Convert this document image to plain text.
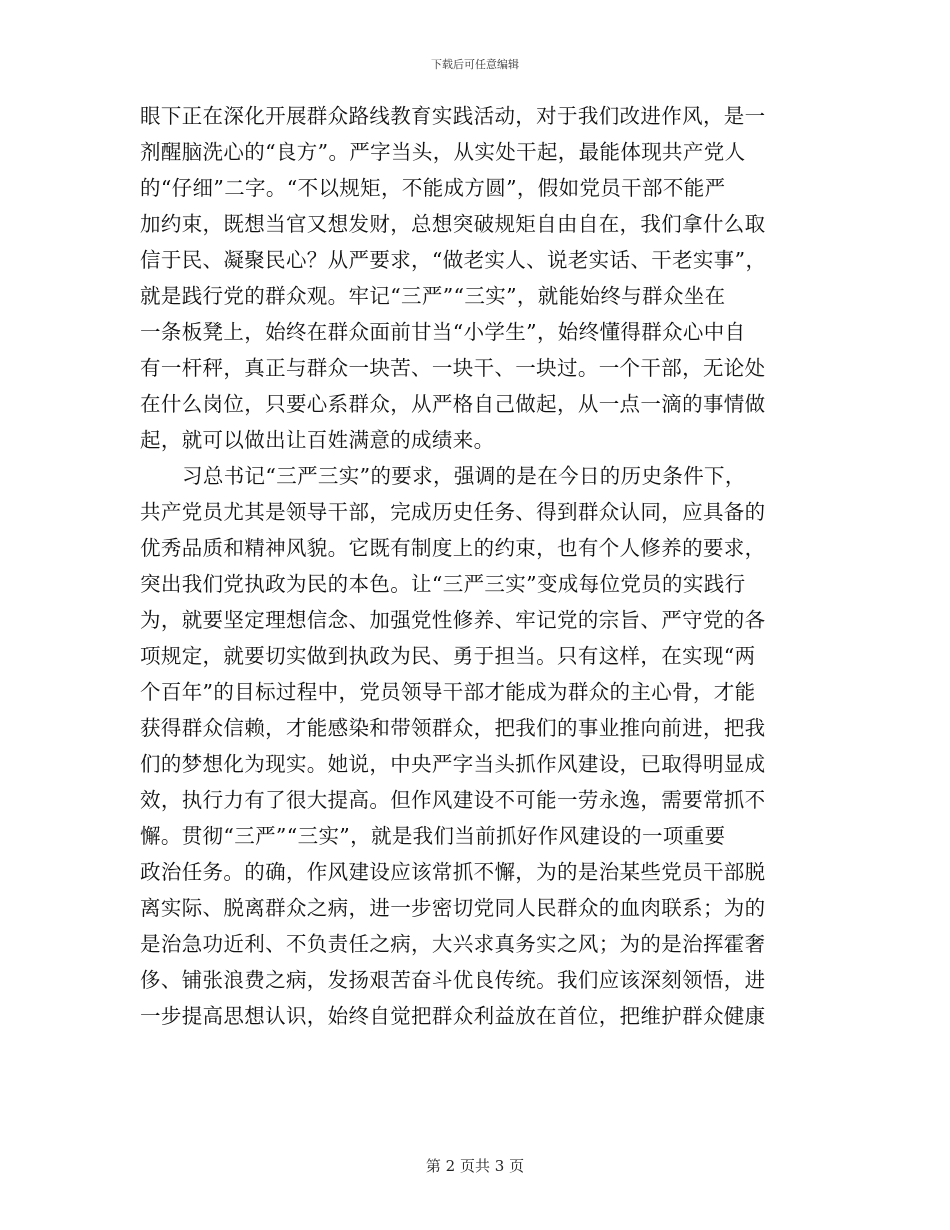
下载后可任意编辑
眼下正在深化开展群众路线教育实践活动，对于我们改进作风，是一
剂醒脑洗心的“良方”。严字当头，从实处干起，最能体现共产党人
的“仔细”二字。“不以规矩，不能成方圆”，假如党员干部不能严
加约束，既想当官又想发财，总想突破规矩自由自在，我们拿什么取
信于民、凝聚民心？从严要求，“做老实人、说老实话、干老实事”，
就是践行党的群众观。牢记“三严”“三实”，就能始终与群众坐在
一条板凳上，始终在群众面前甘当“小学生”，始终懂得群众心中自
有一杆秤，真正与群众一块苦、一块干、一块过。一个干部，无论处
在什么岗位，只要心系群众，从严格自己做起，从一点一滴的事情做
起，就可以做出让百姓满意的成绩来。
习总书记“三严三实”的要求，强调的是在今日的历史条件下，
共产党员尤其是领导干部，完成历史任务、得到群众认同，应具备的
优秀品质和精神风貌。它既有制度上的约束，也有个人修养的要求，
突出我们党执政为民的本色。让“三严三实”变成每位党员的实践行
为，就要坚定理想信念、加强党性修养、牢记党的宗旨、严守党的各
项规定，就要切实做到执政为民、勇于担当。只有这样，在实现“两
个百年”的目标过程中，党员领导干部才能成为群众的主心骨，才能
获得群众信赖，才能感染和带领群众，把我们的事业推向前进，把我
们的梦想化为现实。她说，中央严字当头抓作风建设，已取得明显成
效，执行力有了很大提高。但作风建设不可能一劳永逸，需要常抓不
懈。贯彻“三严”“三实”，就是我们当前抓好作风建设的一项重要
政治任务。的确，作风建设应该常抓不懈，为的是治某些党员干部脱
离实际、脱离群众之病，进一步密切党同人民群众的血肉联系；为的
是治急功近利、不负责任之病，大兴求真务实之风；为的是治挥霍奢
侈、铺张浪费之病，发扬艰苦奋斗优良传统。我们应该深刻领悟，进
一步提高思想认识，始终自觉把群众利益放在首位，把维护群众健康
第 2 页共 3 页
